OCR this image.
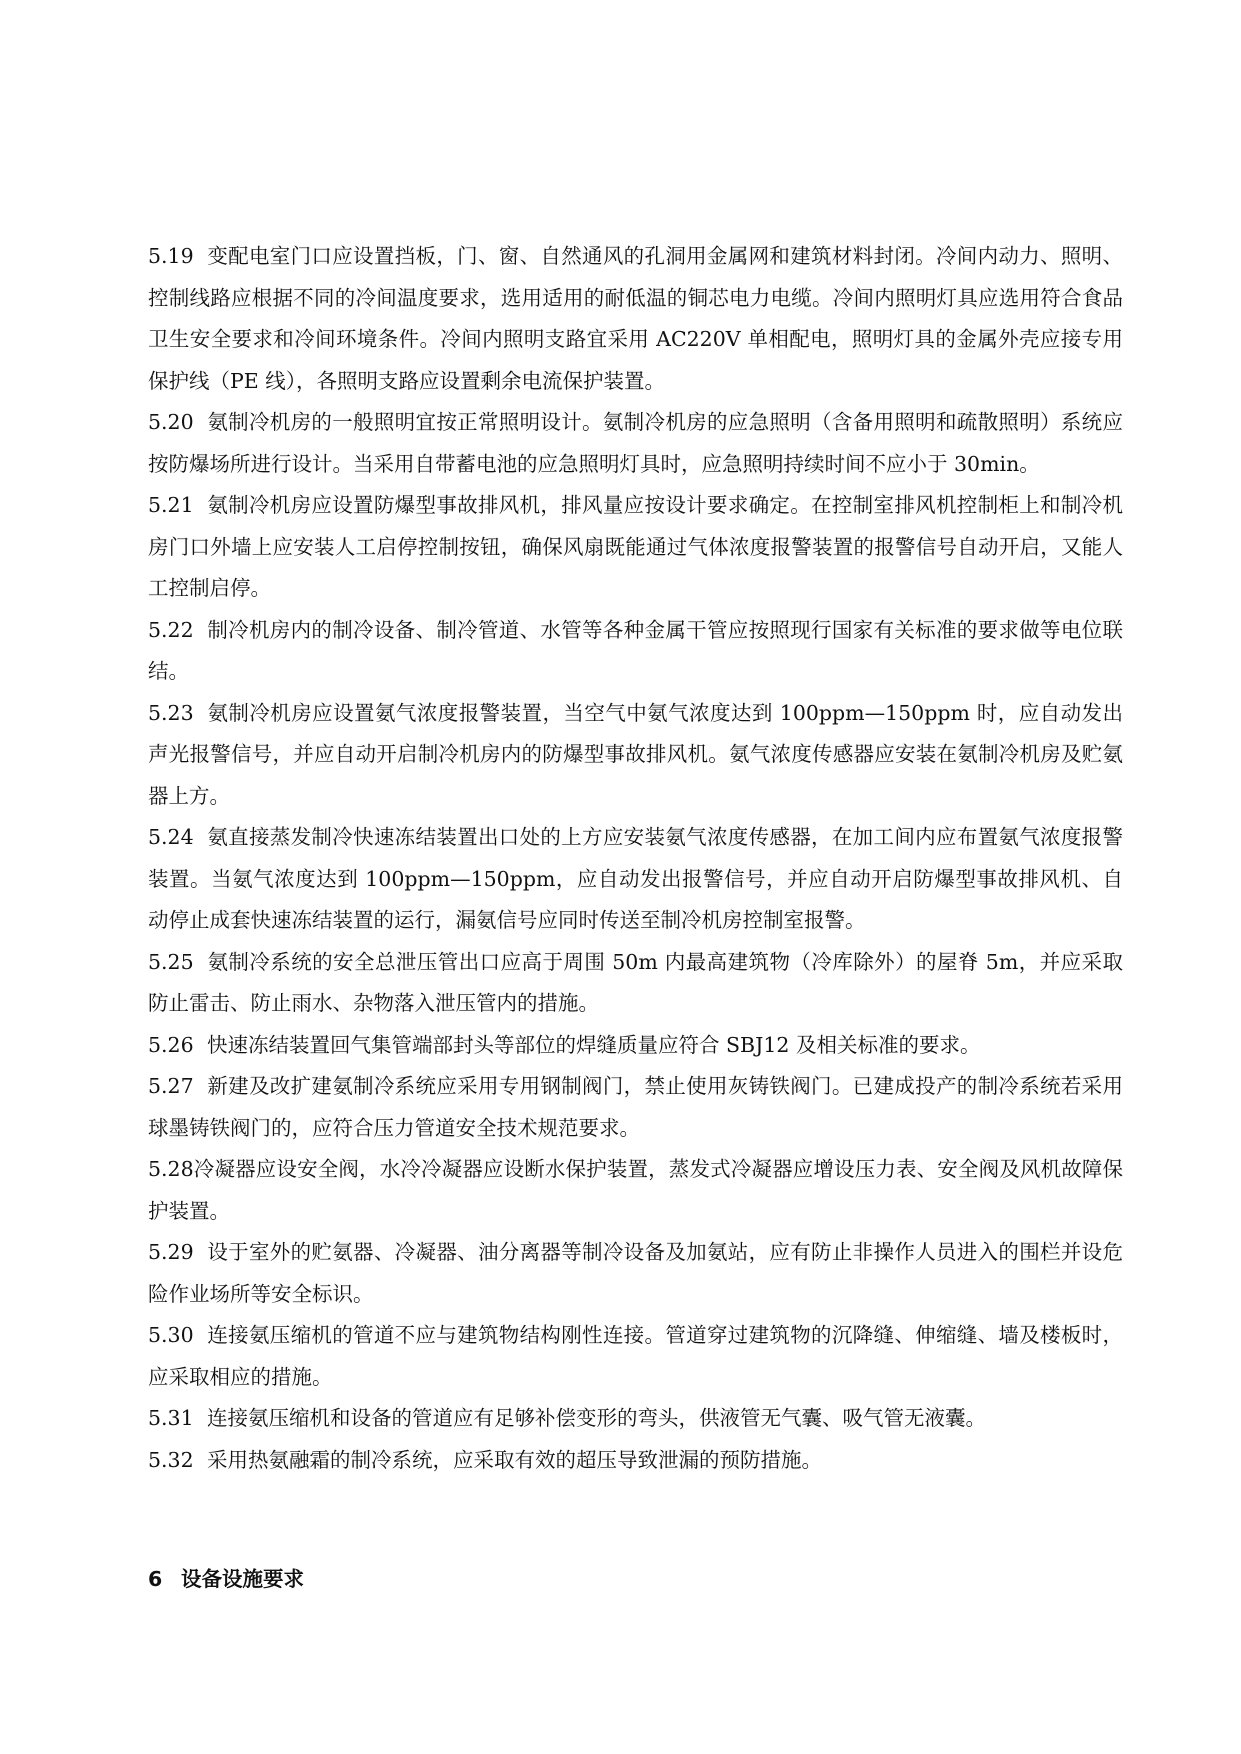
5.19 变配电室门口应设置挡板，门、窗、自然通风的孔洞用金属网和建筑材料封闭。冷间内动力、照明、控制线路应根据不同的冷间温度要求，选用适用的耐低温的铜芯电力电缆。冷间内照明灯具应选用符合食品卫生安全要求和冷间环境条件。冷间内照明支路宜采用 AC220V 单相配电，照明灯具的金属外壳应接专用保护线（PE 线），各照明支路应设置剩余电流保护装置。

5.20 氨制冷机房的一般照明宜按正常照明设计。氨制冷机房的应急照明（含备用照明和疏散照明）系统应按防爆场所进行设计。当采用自带蓄电池的应急照明灯具时，应急照明持续时间不应小于 30min。

5.21 氨制冷机房应设置防爆型事故排风机，排风量应按设计要求确定。在控制室排风机控制柜上和制冷机房门口外墙上应安装人工启停控制按钮，确保风扇既能通过气体浓度报警装置的报警信号自动开启，又能人工控制启停。

5.22 制冷机房内的制冷设备、制冷管道、水管等各种金属干管应按照现行国家有关标准的要求做等电位联结。

5.23 氨制冷机房应设置氨气浓度报警装置，当空气中氨气浓度达到 100ppm—150ppm 时，应自动发出声光报警信号，并应自动开启制冷机房内的防爆型事故排风机。氨气浓度传感器应安装在氨制冷机房及贮氨器上方。

5.24 氨直接蒸发制冷快速冻结装置出口处的上方应安装氨气浓度传感器，在加工间内应布置氨气浓度报警装置。当氨气浓度达到 100ppm—150ppm，应自动发出报警信号，并应自动开启防爆型事故排风机、自动停止成套快速冻结装置的运行，漏氨信号应同时传送至制冷机房控制室报警。

5.25 氨制冷系统的安全总泄压管出口应高于周围 50m 内最高建筑物（冷库除外）的屋脊 5m，并应采取防止雷击、防止雨水、杂物落入泄压管内的措施。

5.26 快速冻结装置回气集管端部封头等部位的焊缝质量应符合 SBJ12 及相关标准的要求。

5.27 新建及改扩建氨制冷系统应采用专用钢制阀门，禁止使用灰铸铁阀门。已建成投产的制冷系统若采用球墨铸铁阀门的，应符合压力管道安全技术规范要求。

5.28冷凝器应设安全阀，水冷冷凝器应设断水保护装置，蒸发式冷凝器应增设压力表、安全阀及风机故障保护装置。

5.29 设于室外的贮氨器、冷凝器、油分离器等制冷设备及加氨站，应有防止非操作人员进入的围栏并设危险作业场所等安全标识。

5.30 连接氨压缩机的管道不应与建筑物结构刚性连接。管道穿过建筑物的沉降缝、伸缩缝、墙及楼板时，应采取相应的措施。

5.31 连接氨压缩机和设备的管道应有足够补偿变形的弯头，供液管无气囊、吸气管无液囊。

5.32 采用热氨融霜的制冷系统，应采取有效的超压导致泄漏的预防措施。

6 设备设施要求
